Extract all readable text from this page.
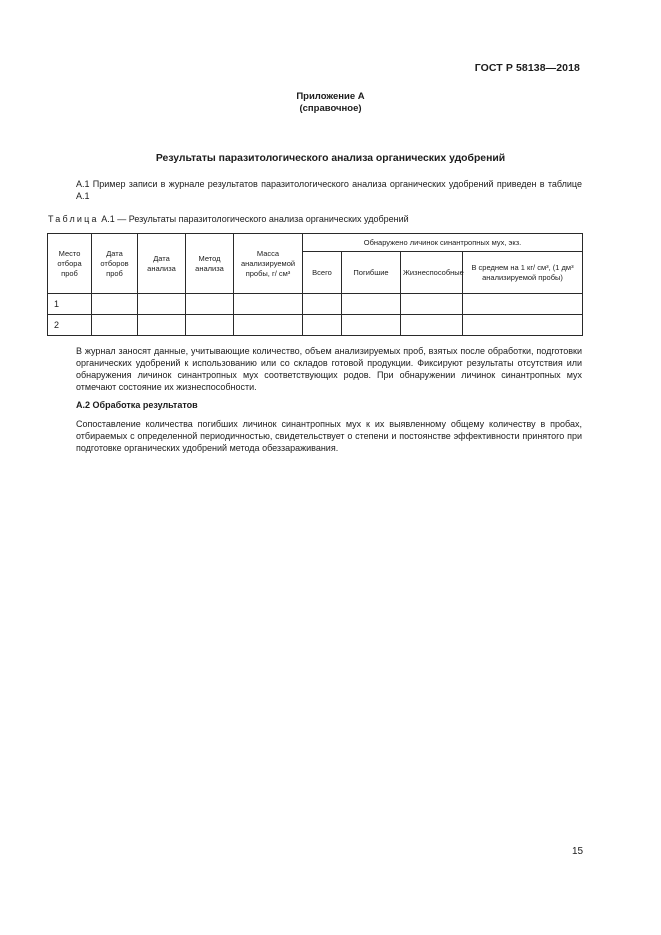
ГОСТ Р 58138—2018
Приложение А
(справочное)
Результаты паразитологического анализа органических удобрений
А.1 Пример записи в журнале результатов паразитологического анализа органических удобрений приведен в таблице А.1
Таблица А.1 — Результаты паразитологического анализа органических удобрений
Место отбора проб	Дата отборов проб	Дата анализа	Метод анализа	Масса анализируемой пробы, г/ см³	Обнаружено личинок синантропных мух, экз.			
					Всего	Погибшие	Жизнеспособные	В среднем на 1 кг/ см³, (1 дм³ анализируемой пробы)
1								
2								
В журнал заносят данные, учитывающие количество, объем анализируемых проб, взятых после обработки, подготовки органических удобрений к использованию или со складов готовой продукции. Фиксируют результаты отсутствия или обнаружения личинок синантропных мух соответствующих родов. При обнаружении личинок синантропных мух отмечают состояние их жизнеспособности.
А.2 Обработка результатов
Сопоставление количества погибших личинок синантропных мух к их выявленному общему количеству в пробах, отбираемых с определенной периодичностью, свидетельствует о степени и постоянстве эффективности принятого при подготовке органических удобрений метода обеззараживания.
15
